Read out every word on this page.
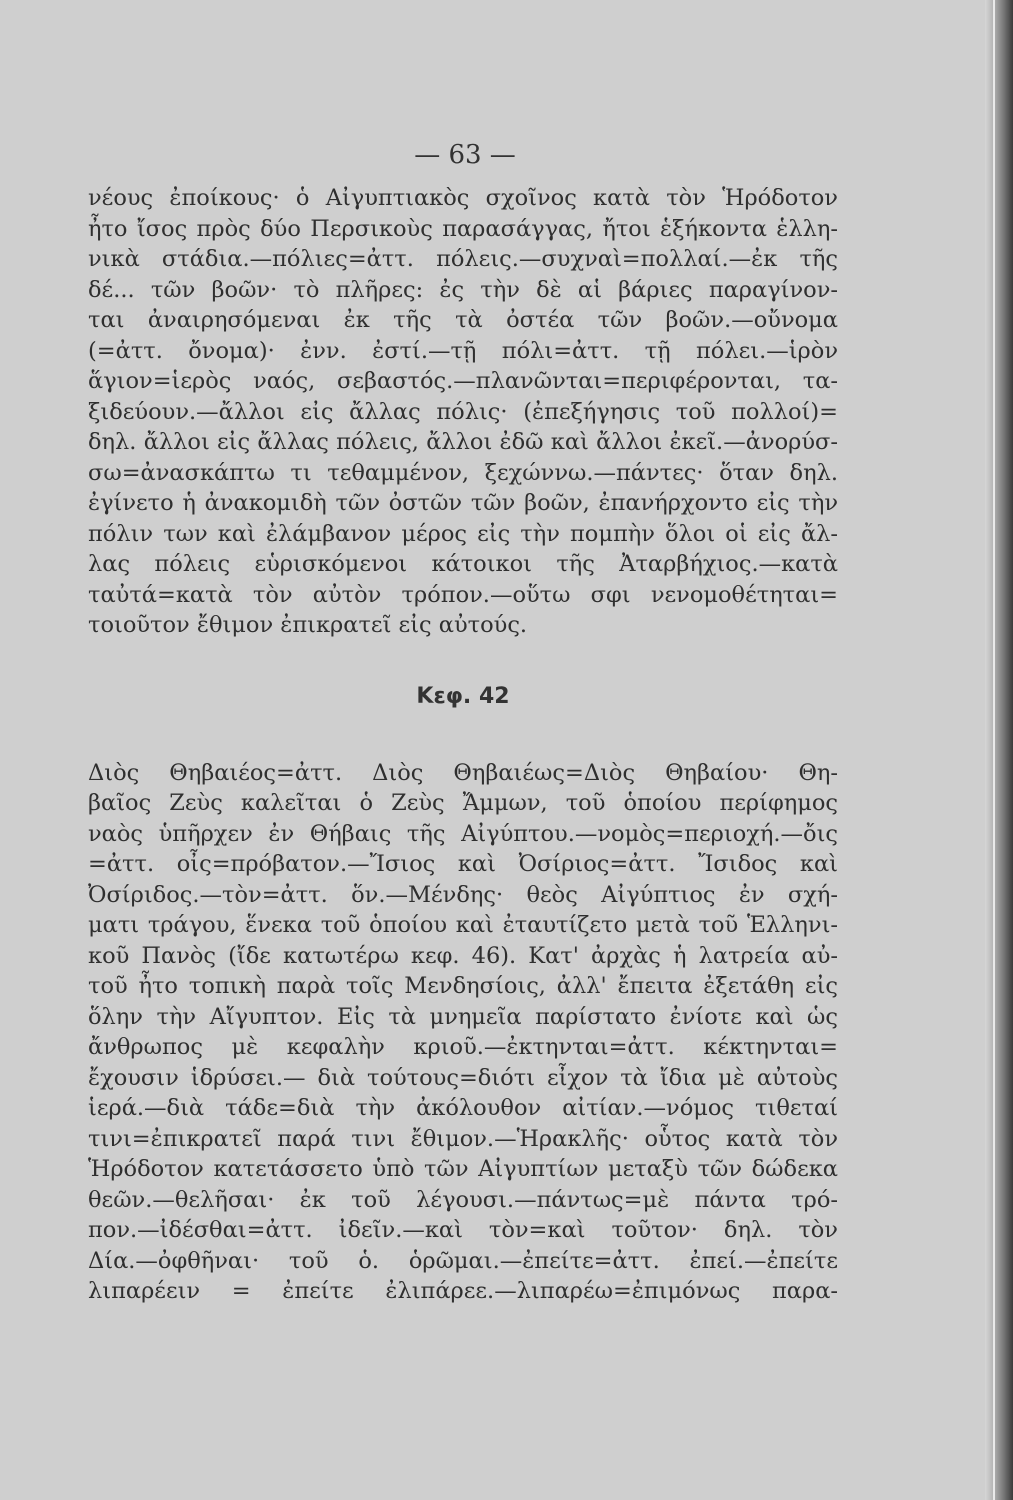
— 63 —
νέους ἐποίκους· ὁ Αἰγυπτιακὸς σχοῖνος κατὰ τὸν Ἡρόδοτον
ἦτο ἴσος πρὸς δύο Περσικοὺς παρασάγγας, ἤτοι ἑξήκοντα ἑλλη-
νικὰ στάδια.—πόλιες=ἀττ. πόλεις.—συχναὶ=πολλαί.—ἐκ τῆς
δέ... τῶν βοῶν· τὸ πλῆρες: ἐς τὴν δὲ αἱ βάριες παραγίνον-
ται ἀναιρησόμεναι ἐκ τῆς τὰ ὀστέα τῶν βοῶν.—οὔνομα
(=ἀττ. ὄνομα)· ἐνν. ἐστί.—τῇ πόλι=ἀττ. τῇ πόλει.—ἱρὸν
ἅγιον=ἱερὸς ναός, σεβαστός.—πλανῶνται=περιφέρονται, τα-
ξιδεύουν.—ἄλλοι εἰς ἄλλας πόλις· (ἐπεξήγησις τοῦ πολλοί)=
δηλ. ἄλλοι εἰς ἄλλας πόλεις, ἄλλοι ἐδῶ καὶ ἄλλοι ἐκεῖ.—ἀνορύσ-
σω=ἀνασκάπτω τι τεθαμμένον, ξεχώννω.—πάντες· ὅταν δηλ.
ἐγίνετο ἡ ἀνακομιδὴ τῶν ὀστῶν τῶν βοῶν, ἐπανήρχοντο εἰς τὴν
πόλιν των καὶ ἐλάμβανον μέρος εἰς τὴν πομπὴν ὅλοι οἱ εἰς ἄλ-
λας πόλεις εὑρισκόμενοι κάτοικοι τῆς Ἀταρβήχιος.—κατὰ
ταὐτά=κατὰ τὸν αὐτὸν τρόπον.—οὕτω σφι νενομοθέτηται=
τοιοῦτον ἔθιμον ἐπικρατεῖ εἰς αὐτούς.
Κεφ. 42
Διὸς Θηβαιέος=ἀττ. Διὸς Θηβαιέως=Διὸς Θηβαίου· Θη-
βαῖος Ζεὺς καλεῖται ὁ Ζεὺς Ἄμμων, τοῦ ὁποίου περίφημος
ναὸς ὑπῆρχεν ἐν Θήβαις τῆς Αἰγύπτου.—νομὸς=περιοχή.—ὄις
=ἀττ. οἶς=πρόβατον.—Ἴσιος καὶ Ὀσίριος=ἀττ. Ἴσιδος καὶ
Ὀσίριδος.—τὸν=ἀττ. ὅν.—Μένδης· θεὸς Αἰγύπτιος ἐν σχή-
ματι τράγου, ἕνεκα τοῦ ὁποίου καὶ ἐταυτίζετο μετὰ τοῦ Ἑλληνι-
κοῦ Πανὸς (ἴδε κατωτέρω κεφ. 46). Κατ' ἀρχὰς ἡ λατρεία αὐ-
τοῦ ἦτο τοπικὴ παρὰ τοῖς Μενδησίοις, ἀλλ' ἔπειτα ἐξετάθη εἰς
ὅλην τὴν Αἴγυπτον. Εἰς τὰ μνημεῖα παρίστατο ἐνίοτε καὶ ὡς
ἄνθρωπος μὲ κεφαλὴν κριοῦ.—ἐκτηνται=ἀττ. κέκτηνται=
ἔχουσιν ἱδρύσει.— διὰ τούτους=διότι εἶχον τὰ ἴδια μὲ αὐτοὺς
ἱερά.—διὰ τάδε=διὰ τὴν ἀκόλουθον αἰτίαν.—νόμος τιθεταί
τινι=ἐπικρατεῖ παρά τινι ἔθιμον.—Ἡρακλῆς· οὗτος κατὰ τὸν
Ἡρόδοτον κατετάσσετο ὑπὸ τῶν Αἰγυπτίων μεταξὺ τῶν δώδεκα
θεῶν.—θελῆσαι· ἐκ τοῦ λέγουσι.—πάντως=μὲ πάντα τρό-
πον.—ἰδέσθαι=ἀττ. ἰδεῖν.—καὶ τὸν=καὶ τοῦτον· δηλ. τὸν
Δία.—ὀφθῆναι· τοῦ ὁ. ὁρῶμαι.—ἐπείτε=ἀττ. ἐπεί.—ἐπείτε
λιπαρέειν = ἐπείτε ἐλιπάρεε.—λιπαρέω=ἐπιμόνως παρα-
